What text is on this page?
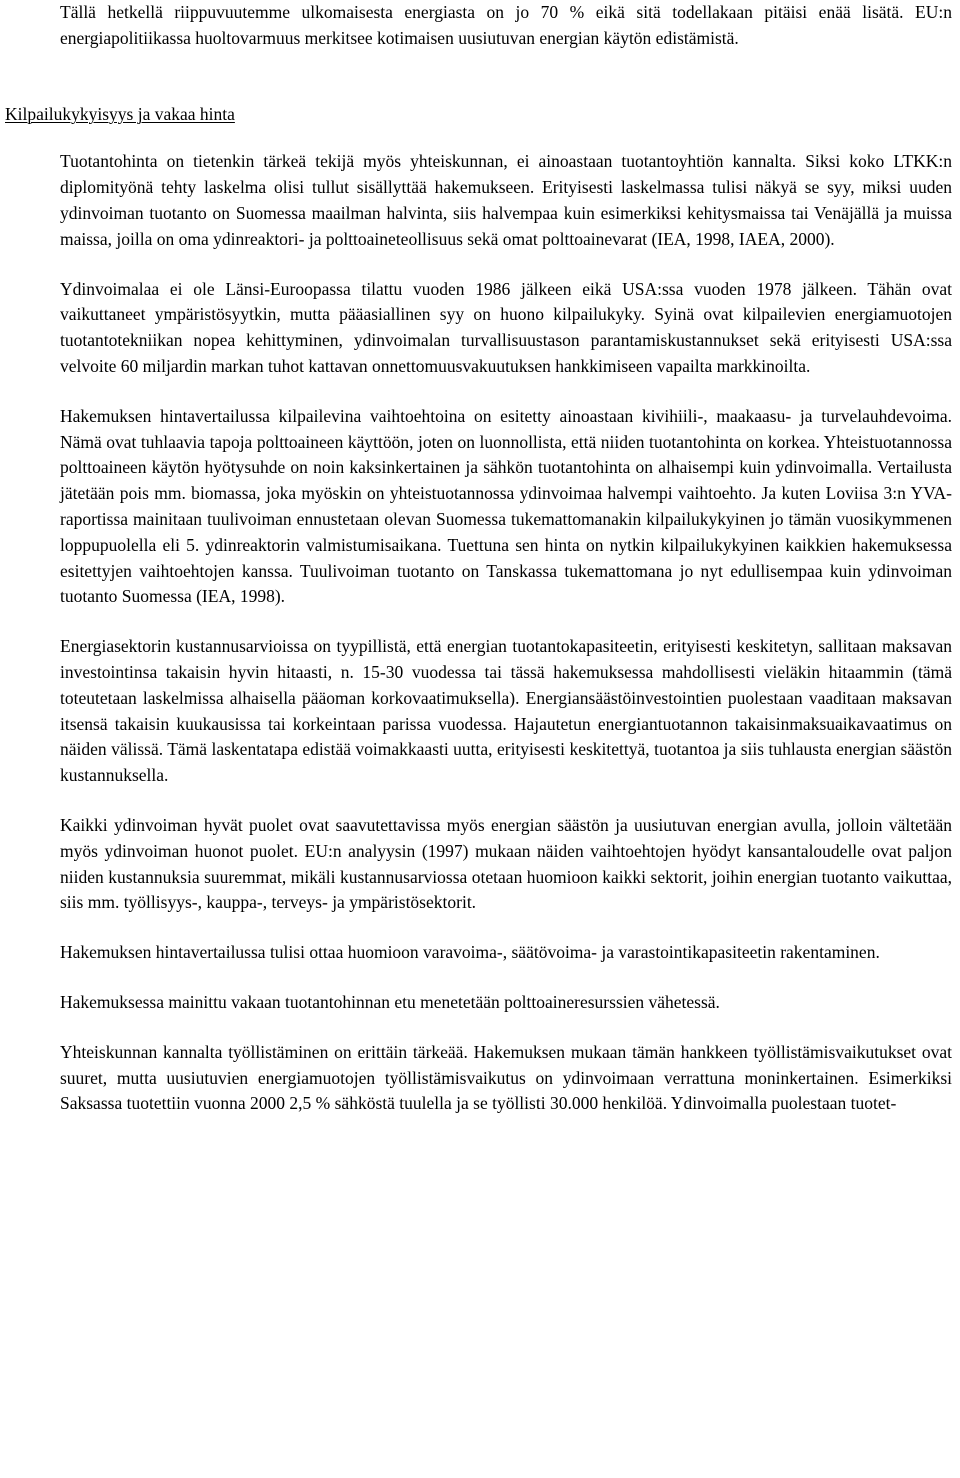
Tällä hetkellä riippuvuutemme ulkomaisesta energiasta on jo 70 % eikä sitä todellakaan pitäisi enää lisätä. EU:n energiapolitiikassa huoltovarmuus merkitsee kotimaisen uusiutuvan energian käytön edistämistä.

Kilpailukykyisyys ja vakaa hinta

Tuotantohinta on tietenkin tärkeä tekijä myös yhteiskunnan, ei ainoastaan tuotantoyhtiön kannalta. Siksi koko LTKK:n diplomityönä tehty laskelma olisi tullut sisällyttää hakemukseen. Erityisesti laskelmassa tulisi näkyä se syy, miksi uuden ydinvoiman tuotanto on Suomessa maailman halvinta, siis halvempaa kuin esimerkiksi kehitysmaissa tai Venäjällä ja muissa maissa, joilla on oma ydinreaktori- ja polttoaineteollisuus sekä omat polttoainevarat (IEA, 1998, IAEA, 2000).

Ydinvoimalaa ei ole Länsi-Euroopassa tilattu vuoden 1986 jälkeen eikä USA:ssa vuoden 1978 jälkeen. Tähän ovat vaikuttaneet ympäristösyytkin, mutta pääasiallinen syy on huono kilpailukyky. Syinä ovat kilpailevien energiamuotojen tuotantotekniikan nopea kehittyminen, ydinvoimalan turvallisuustason parantamiskustannukset sekä erityisesti USA:ssa velvoite 60 miljardin markan tuhot kattavan onnettomuusvakuutuksen hankkimiseen vapailta markkinoilta.

Hakemuksen hintavertailussa kilpailevina vaihtoehtoina on esitetty ainoastaan kivihiili-, maakaasu- ja turvelauhdevoima. Nämä ovat tuhlaavia tapoja polttoaineen käyttöön, joten on luonnollista, että niiden tuotantohinta on korkea. Yhteistuotannossa polttoaineen käytön hyötysuhde on noin kaksinkertainen ja sähkön tuotantohinta on alhaisempi kuin ydinvoimalla. Vertailusta jätetään pois mm. biomassa, joka myöskin on yhteistuotannossa ydinvoimaa halvempi vaihtoehto. Ja kuten Loviisa 3:n YVA-raportissa mainitaan tuulivoiman ennustetaan olevan Suomessa tukemattomanakin kilpailukykyinen jo tämän vuosikymmenen loppupuolella eli 5. ydinreaktorin valmistumisaikana. Tuettuna sen hinta on nytkin kilpailukykyinen kaikkien hakemuksessa esitettyjen vaihtoehtojen kanssa. Tuulivoiman tuotanto on Tanskassa tukemattomana jo nyt edullisempaa kuin ydinvoiman tuotanto Suomessa (IEA, 1998).

Energiasektorin kustannusarvioissa on tyypillistä, että energian tuotantokapasiteetin, erityisesti keskitetyn, sallitaan maksavan investointinsa takaisin hyvin hitaasti, n. 15-30 vuodessa tai tässä hakemuksessa mahdollisesti vieläkin hitaammin (tämä toteutetaan laskelmissa alhaisella pääoman korkovaatimuksella). Energiansäästöinvestointien puolestaan vaaditaan maksavan itsensä takaisin kuukausissa tai korkeintaan parissa vuodessa. Hajautetun energiantuotannon takaisinmaksuaikavaatimus on näiden välissä. Tämä laskentatapa edistää voimakkaasti uutta, erityisesti keskitettyä, tuotantoa ja siis tuhlausta energian säästön kustannuksella.

Kaikki ydinvoiman hyvät puolet ovat saavutettavissa myös energian säästön ja uusiutuvan energian avulla, jolloin vältetään myös ydinvoiman huonot puolet. EU:n analyysin (1997) mukaan näiden vaihtoehtojen hyödyt kansantaloudelle ovat paljon niiden kustannuksia suuremmat, mikäli kustannusarviossa otetaan huomioon kaikki sektorit, joihin energian tuotanto vaikuttaa, siis mm. työllisyys-, kauppa-, terveys- ja ympäristösektorit.

Hakemuksen hintavertailussa tulisi ottaa huomioon varavoima-, säätövoima- ja varastointikapasiteetin rakentaminen.

Hakemuksessa mainittu vakaan tuotantohinnan etu menetetään polttoaineresurssien vähetessä.

Yhteiskunnan kannalta työllistäminen on erittäin tärkeää. Hakemuksen mukaan tämän hankkeen työllistämisvaikutukset ovat suuret, mutta uusiutuvien energiamuotojen työllistämisvaikutus on ydinvoimaan verrattuna moninkertainen. Esimerkiksi Saksassa tuotettiin vuonna 2000 2,5 % sähköstä tuulella ja se työllisti 30.000 henkilöä. Ydinvoimalla puolestaan tuotet-
